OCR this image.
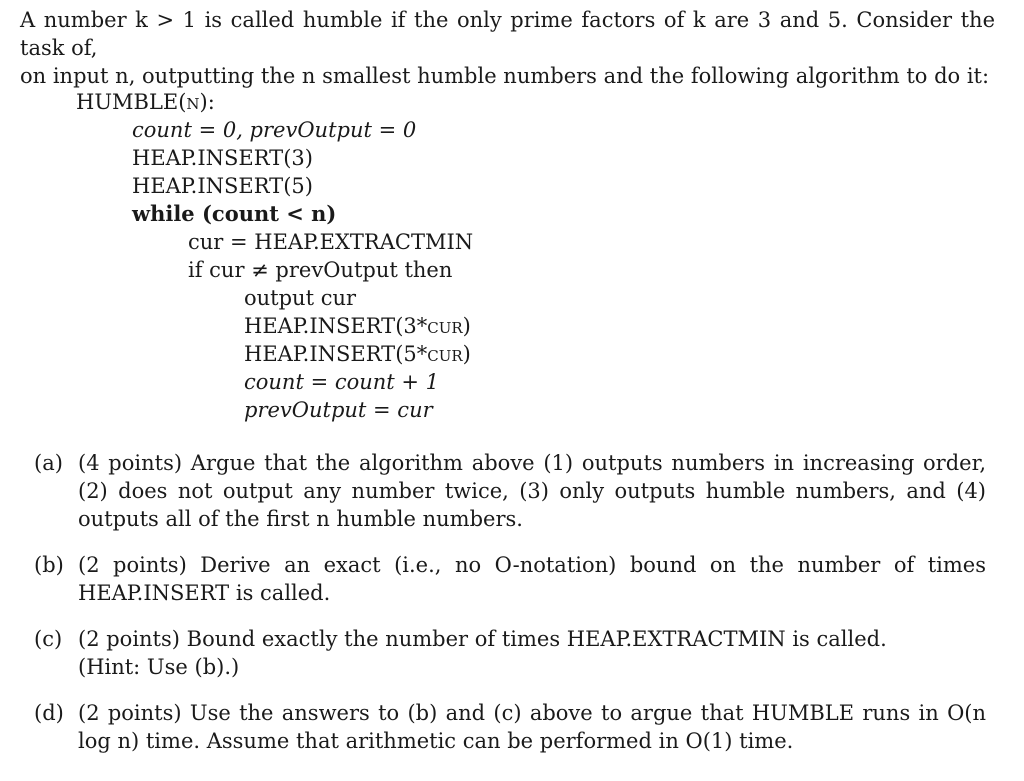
A number k > 1 is called humble if the only prime factors of k are 3 and 5. Consider the task of,
on input n, outputting the n smallest humble numbers and the following algorithm to do it:
HUMBLE(n):
count = 0, prevOutput = 0
HEAP.INSERT(3)
HEAP.INSERT(5)
while (count < n)
cur = HEAP.EXTRACTMIN
if cur ≠ prevOutput then
output cur
HEAP.INSERT(3*cur)
HEAP.INSERT(5*cur)
count = count + 1
prevOutput = cur
(a) (4 points) Argue that the algorithm above (1) outputs numbers in increasing order, (2) does not output any number twice, (3) only outputs humble numbers, and (4) outputs all of the first n humble numbers.
(b) (2 points) Derive an exact (i.e., no O-notation) bound on the number of times HEAP.INSERT is called.
(c) (2 points) Bound exactly the number of times HEAP.EXTRACTMIN is called.
(Hint: Use (b).)
(d) (2 points) Use the answers to (b) and (c) above to argue that HUMBLE runs in O(n log n) time. Assume that arithmetic can be performed in O(1) time.
